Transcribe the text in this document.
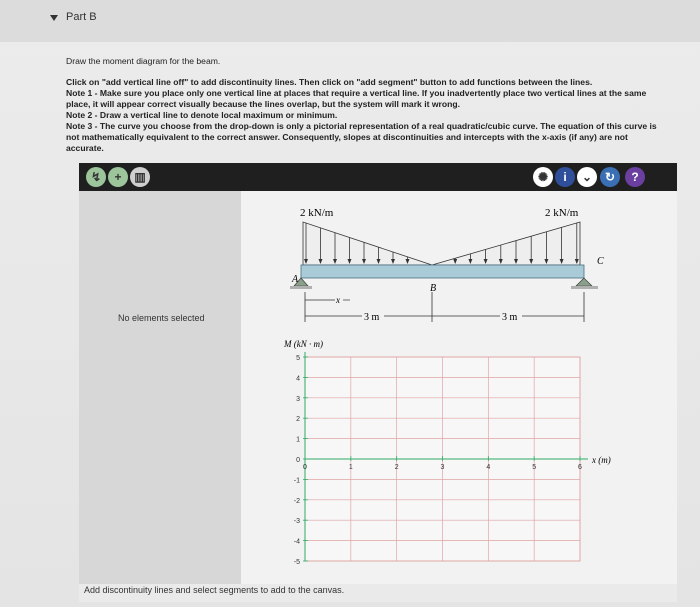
Part B

Draw the moment diagram for the beam.

Click on "add vertical line off" to add discontinuity lines. Then click on "add segment" button to add functions between the lines.

Note 1 - Make sure you place only one vertical line at places that require a vertical line. If you inadvertently place two vertical lines at the same

place, it will appear correct visually because the lines overlap, but the system will mark it wrong.

Note 2 - Draw a vertical line to denote local maximum or minimum.

Note 3 - The curve you choose from the drop-down is only a pictorial representation of a real quadratic/cubic curve. The equation of this curve is

not mathematically equivalent to the correct answer. Consequently, slopes at discontinuities and intercepts with the x-axis (if any) are not

accurate.

↯	+	▥	✺	i	⌄	↻	?
No elements selected
2 kN/m	2 kN/m
A
B
C
x
3 m	3 m
M (kN · m)
x (m)
5
4
3
2
1
0
-1
-2
-3
-4
-5
0	1	2	3	4	5	6
Add discontinuity lines and select segments to add to the canvas.
